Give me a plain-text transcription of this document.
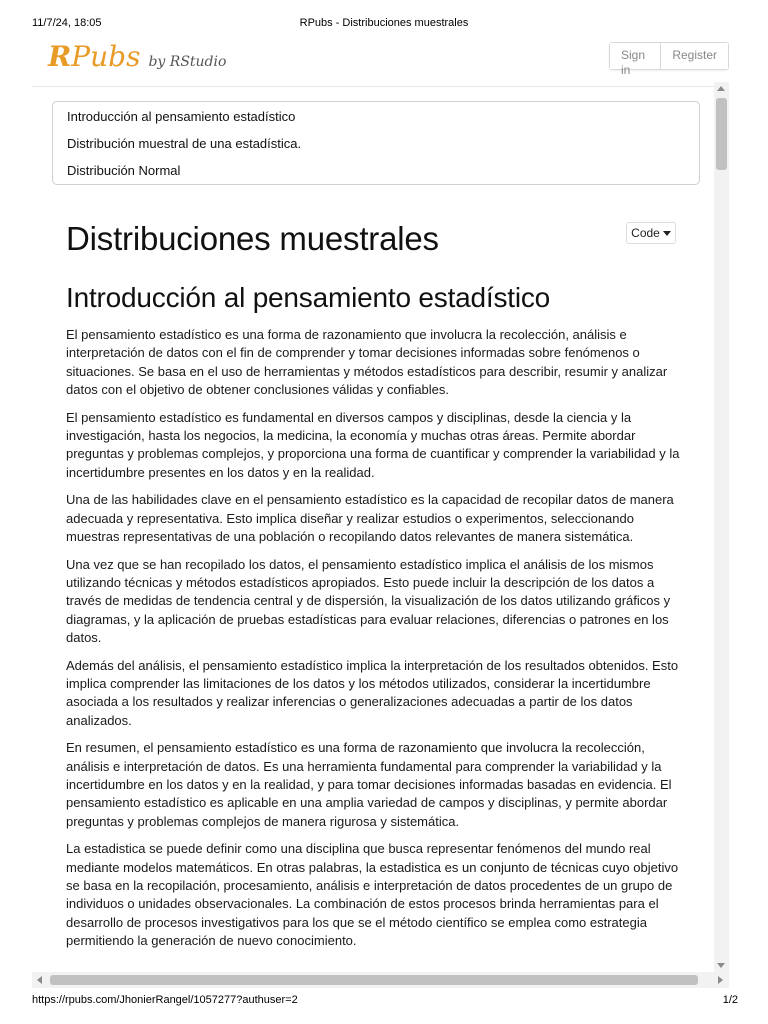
11/7/24, 18:05	RPubs - Distribuciones muestrales
R Pubs by RStudio	Sign in
Register
Introducción al pensamiento estadístico
Distribución muestral de una estadística.
Distribución Normal
Code
Distribuciones muestrales
Introducción al pensamiento estadístico

El pensamiento estadístico es una forma de razonamiento que involucra la recolección, análisis e interpretación de datos con el fin de comprender y tomar decisiones informadas sobre fenómenos o situaciones. Se basa en el uso de herramientas y métodos estadísticos para describir, resumir y analizar datos con el objetivo de obtener conclusiones válidas y confiables.

El pensamiento estadístico es fundamental en diversos campos y disciplinas, desde la ciencia y la investigación, hasta los negocios, la medicina, la economía y muchas otras áreas. Permite abordar preguntas y problemas complejos, y proporciona una forma de cuantificar y comprender la variabilidad y la incertidumbre presentes en los datos y en la realidad.

Una de las habilidades clave en el pensamiento estadístico es la capacidad de recopilar datos de manera adecuada y representativa. Esto implica diseñar y realizar estudios o experimentos, seleccionando muestras representativas de una población o recopilando datos relevantes de manera sistemática.

Una vez que se han recopilado los datos, el pensamiento estadístico implica el análisis de los mismos utilizando técnicas y métodos estadísticos apropiados. Esto puede incluir la descripción de los datos a través de medidas de tendencia central y de dispersión, la visualización de los datos utilizando gráficos y diagramas, y la aplicación de pruebas estadísticas para evaluar relaciones, diferencias o patrones en los datos.

Además del análisis, el pensamiento estadístico implica la interpretación de los resultados obtenidos. Esto implica comprender las limitaciones de los datos y los métodos utilizados, considerar la incertidumbre asociada a los resultados y realizar inferencias o generalizaciones adecuadas a partir de los datos analizados.

En resumen, el pensamiento estadístico es una forma de razonamiento que involucra la recolección, análisis e interpretación de datos. Es una herramienta fundamental para comprender la variabilidad y la incertidumbre en los datos y en la realidad, y para tomar decisiones informadas basadas en evidencia. El pensamiento estadístico es aplicable en una amplia variedad de campos y disciplinas, y permite abordar preguntas y problemas complejos de manera rigurosa y sistemática.

La estadistica se puede definir como una disciplina que busca representar fenómenos del mundo real mediante modelos matemáticos. En otras palabras, la estadistica es un conjunto de técnicas cuyo objetivo se basa en la recopilación, procesamiento, análisis e interpretación de datos procedentes de un grupo de individuos o unidades observacionales. La combinación de estos procesos brinda herramientas para el desarrollo de procesos investigativos para los que se el método científico se emplea como estrategia permitiendo la generación de nuevo conocimiento.

https://rpubs.com/JhonierRangel/1057277?authuser=2	1/2
